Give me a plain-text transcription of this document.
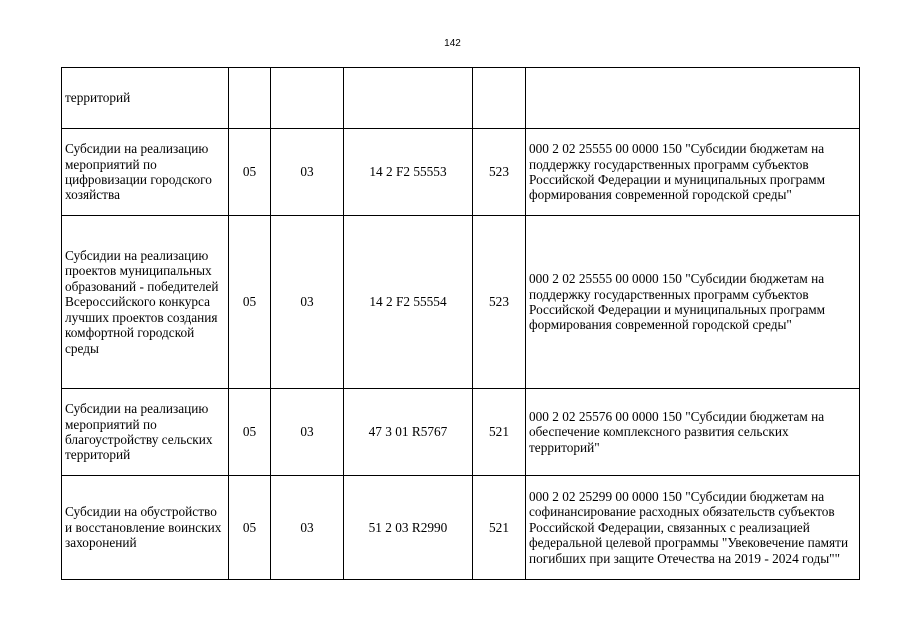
142
территорий					
Субсидии на реализацию мероприятий по цифровизации городского хозяйства	05	03	14 2 F2 55553	523	000 2 02 25555 00 0000 150 "Субсидии бюджетам на поддержку государственных программ субъектов Российской Федерации и муниципальных программ формирования современной городской среды"
Субсидии на реализацию проектов муниципальных образований - победителей Всероссийского конкурса лучших проектов создания комфортной городской среды	05	03	14 2 F2 55554	523	000 2 02 25555 00 0000 150 "Субсидии бюджетам на поддержку государственных программ субъектов Российской Федерации и муниципальных программ формирования современной городской среды"
Субсидии на реализацию мероприятий по благоустройству сельских территорий	05	03	47 3 01 R5767	521	000 2 02 25576 00 0000 150 "Субсидии бюджетам на обеспечение комплексного развития сельских территорий"
Субсидии на обустройство и восстановление воинских захоронений	05	03	51 2 03 R2990	521	000 2 02 25299 00 0000 150 "Субсидии бюджетам на софинансирование расходных обязательств субъектов Российской Федерации, связанных с реализацией федеральной целевой программы "Увековечение памяти погибших при защите Отечества на 2019 - 2024 годы""
